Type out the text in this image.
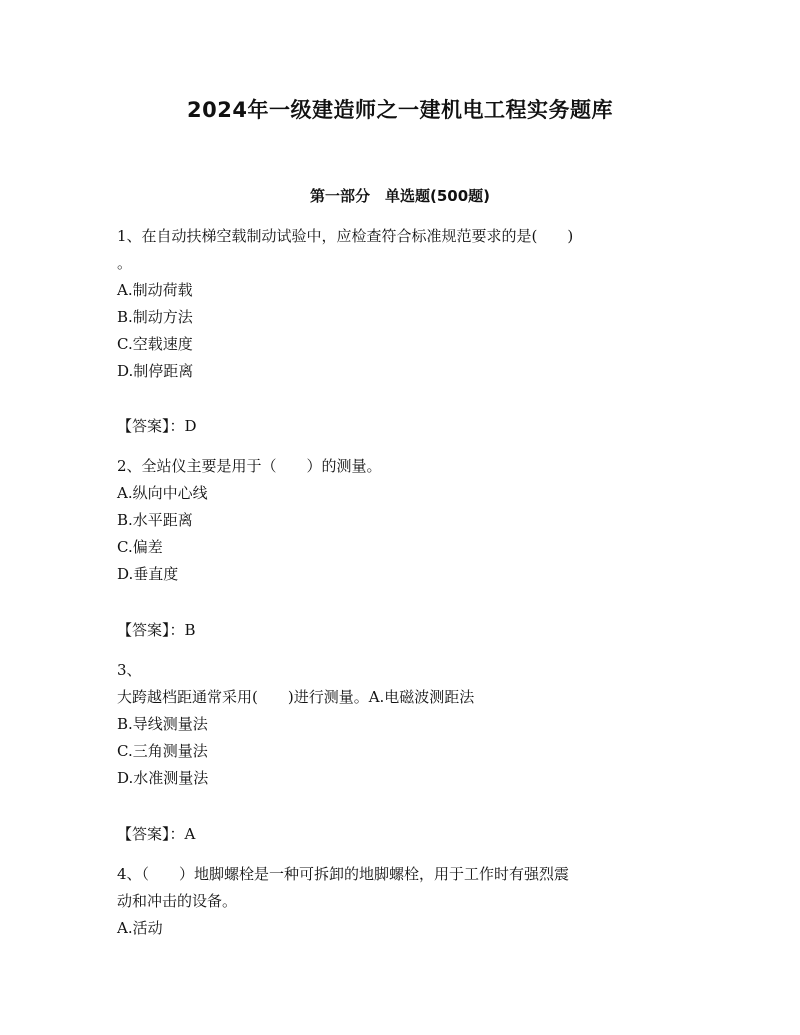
2024年一级建造师之一建机电工程实务题库
第一部分　单选题(500题)

1、在自动扶梯空载制动试验中，应检查符合标准规范要求的是(　　)

。

A.制动荷载

B.制动方法

C.空载速度

D.制停距离

【答案】：D

2、全站仪主要是用于（　　）的测量。

A.纵向中心线

B.水平距离

C.偏差

D.垂直度

【答案】：B

3、

大跨越档距通常采用(　　)进行测量。A.电磁波测距法

B.导线测量法

C.三角测量法

D.水准测量法

【答案】：A

4、（　　）地脚螺栓是一种可拆卸的地脚螺栓，用于工作时有强烈震

动和冲击的设备。

A.活动
